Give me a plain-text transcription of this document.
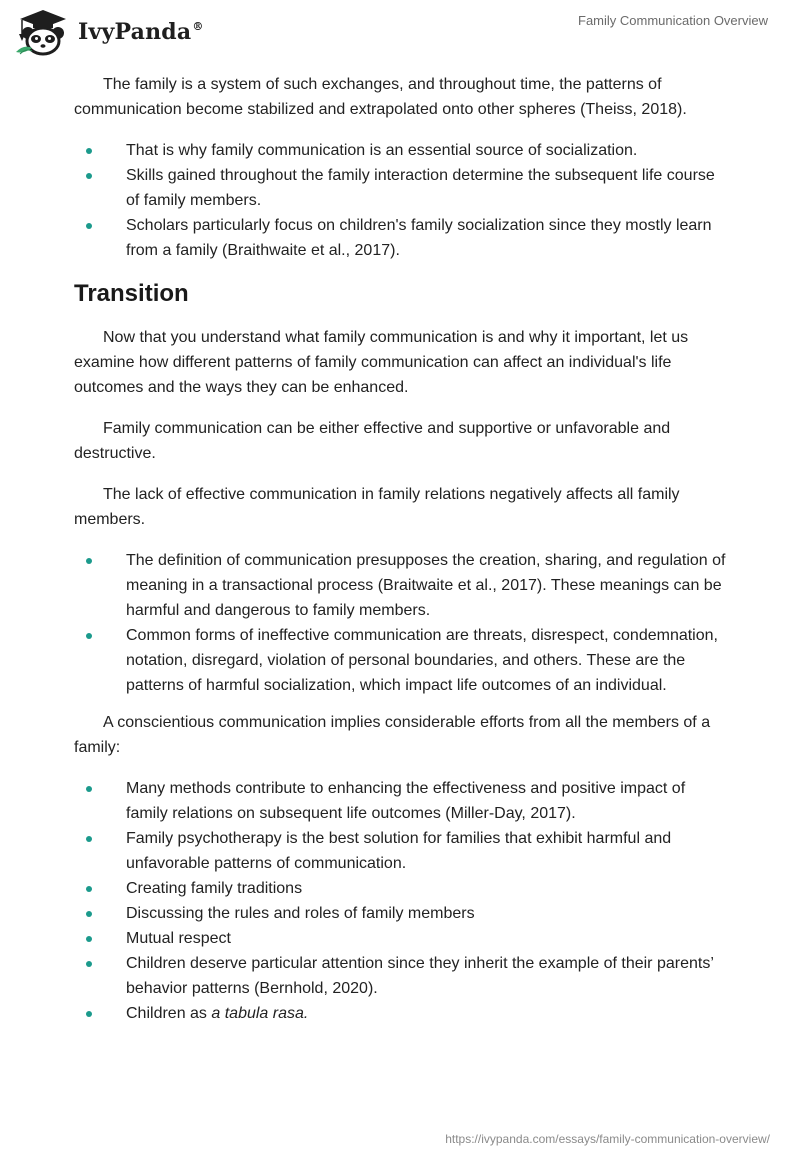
IvyPanda®	Family Communication Overview

The family is a system of such exchanges, and throughout time, the patterns of communication become stabilized and extrapolated onto other spheres (Theiss, 2018).

That is why family communication is an essential source of socialization.
Skills gained throughout the family interaction determine the subsequent life course of family members.
Scholars particularly focus on children's family socialization since they mostly learn from a family (Braithwaite et al., 2017).
Transition

Now that you understand what family communication is and why it important, let us examine how different patterns of family communication can affect an individual's life outcomes and the ways they can be enhanced.

Family communication can be either effective and supportive or unfavorable and destructive.

The lack of effective communication in family relations negatively affects all family members.

The definition of communication presupposes the creation, sharing, and regulation of meaning in a transactional process (Braitwaite et al., 2017). These meanings can be harmful and dangerous to family members.
Common forms of ineffective communication are threats, disrespect, condemnation, notation, disregard, violation of personal boundaries, and others. These are the patterns of harmful socialization, which impact life outcomes of an individual.

A conscientious communication implies considerable efforts from all the members of a family:

Many methods contribute to enhancing the effectiveness and positive impact of family relations on subsequent life outcomes (Miller-Day, 2017).
Family psychotherapy is the best solution for families that exhibit harmful and unfavorable patterns of communication.
Creating family traditions
Discussing the rules and roles of family members
Mutual respect
Children deserve particular attention since they inherit the example of their parents’ behavior patterns (Bernhold, 2020).
Children as a tabula rasa.
https://ivypanda.com/essays/family-communication-overview/
